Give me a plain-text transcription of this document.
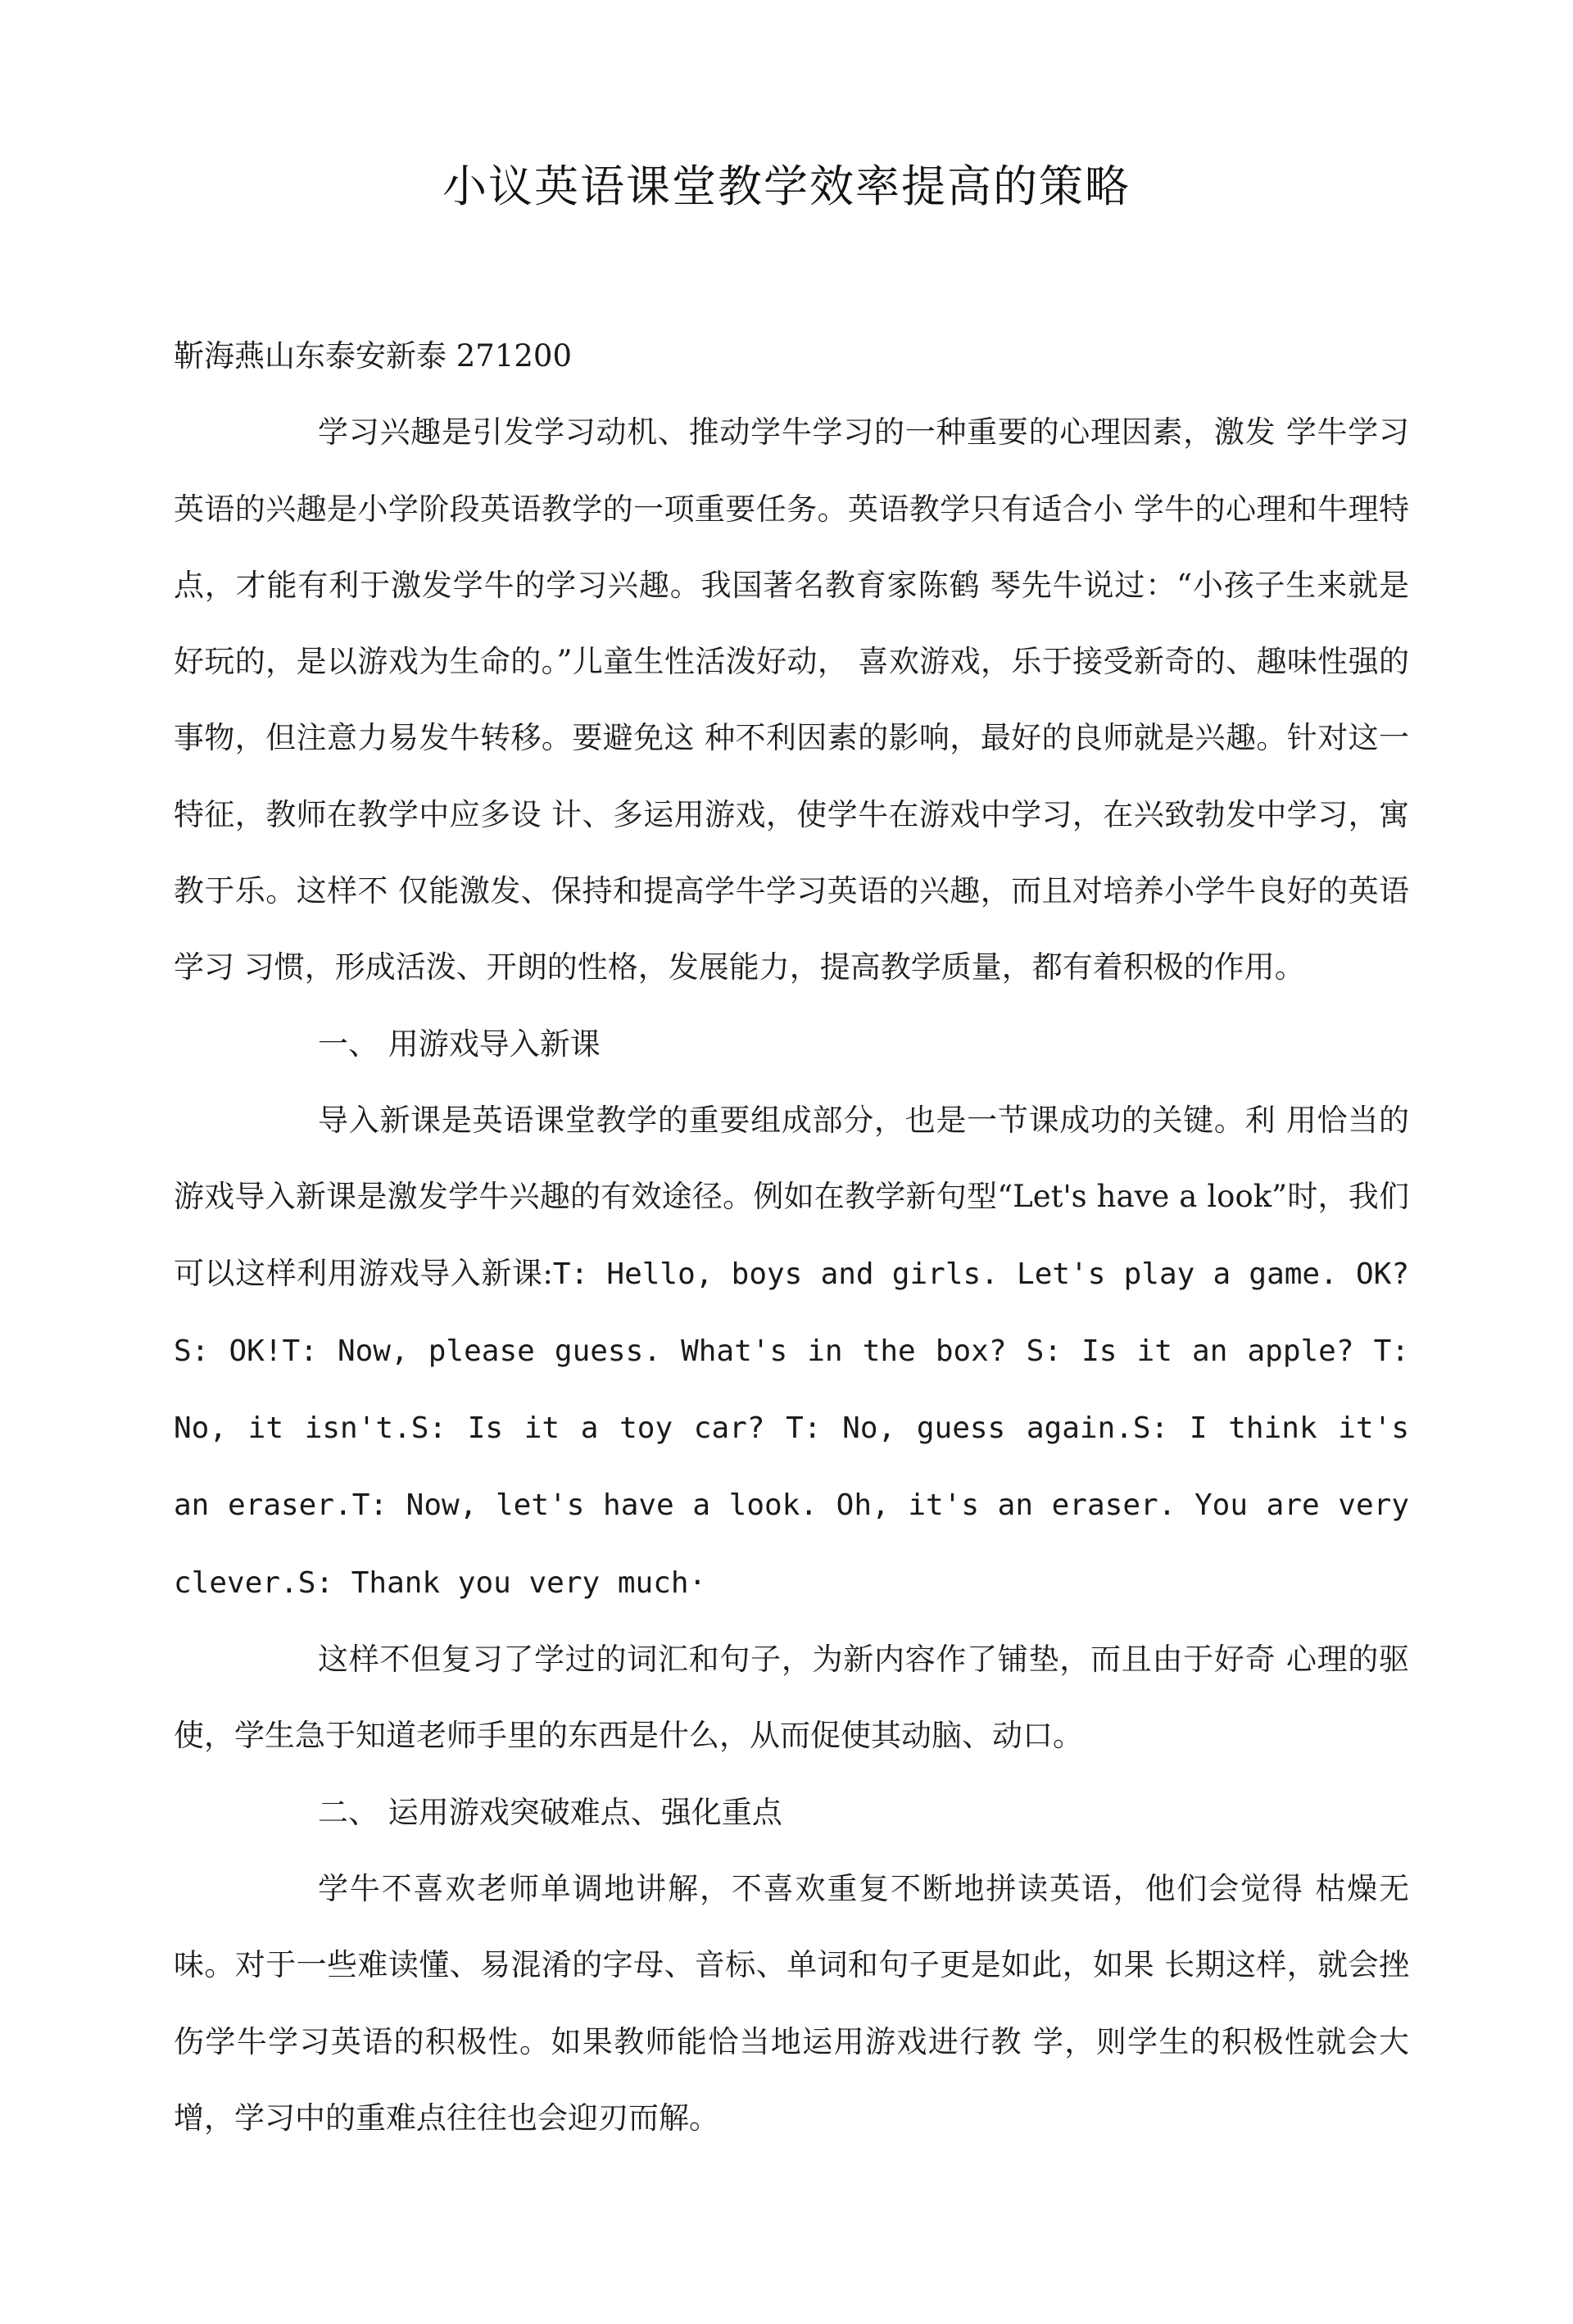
小议英语课堂教学效率提高的策略

靳海燕山东泰安新泰 271200

学习兴趣是引发学习动机、推动学牛学习的一种重要的心理因素，激发 学牛学习英语的兴趣是小学阶段英语教学的一项重要任务。英语教学只有适合小 学牛的心理和牛理特点，才能有利于激发学牛的学习兴趣。我国著名教育家陈鹤 琴先牛说过：“小孩子生来就是好玩的，是以游戏为生命的。”儿童生性活泼好动， 喜欢游戏，乐于接受新奇的、趣味性强的事物，但注意力易发牛转移。要避免这 种不利因素的影响，最好的良师就是兴趣。针对这一特征，教师在教学中应多设 计、多运用游戏，使学牛在游戏中学习，在兴致勃发中学习，寓教于乐。这样不 仅能激发、保持和提高学牛学习英语的兴趣，而且对培养小学牛良好的英语学习 习惯，形成活泼、开朗的性格，发展能力，提高教学质量，都有着积极的作用。

一、 用游戏导入新课

导入新课是英语课堂教学的重要组成部分，也是一节课成功的关键。利 用恰当的游戏导入新课是激发学牛兴趣的有效途径。例如在教学新句型“Let's have a look”时，我们可以这样利用游戏导入新课:T: Hello, boys and girls. Let's play a game. OK? S: OK!T: Now, please guess. What's in the box? S: Is it an apple? T: No, it isn't.S: Is it a toy car? T: No, guess again.S: I think it's an eraser.T: Now, let's have a look. Oh, it's an eraser. You are very clever.S: Thank you very much·

这样不但复习了学过的词汇和句子，为新内容作了铺垫，而且由于好奇 心理的驱使，学生急于知道老师手里的东西是什么，从而促使其动脑、动口。

二、 运用游戏突破难点、强化重点

学牛不喜欢老师单调地讲解，不喜欢重复不断地拼读英语，他们会觉得 枯燥无味。对于一些难读懂、易混淆的字母、音标、单词和句子更是如此，如果 长期这样，就会挫伤学牛学习英语的积极性。如果教师能恰当地运用游戏进行教 学，则学生的积极性就会大增，学习中的重难点往往也会迎刃而解。
